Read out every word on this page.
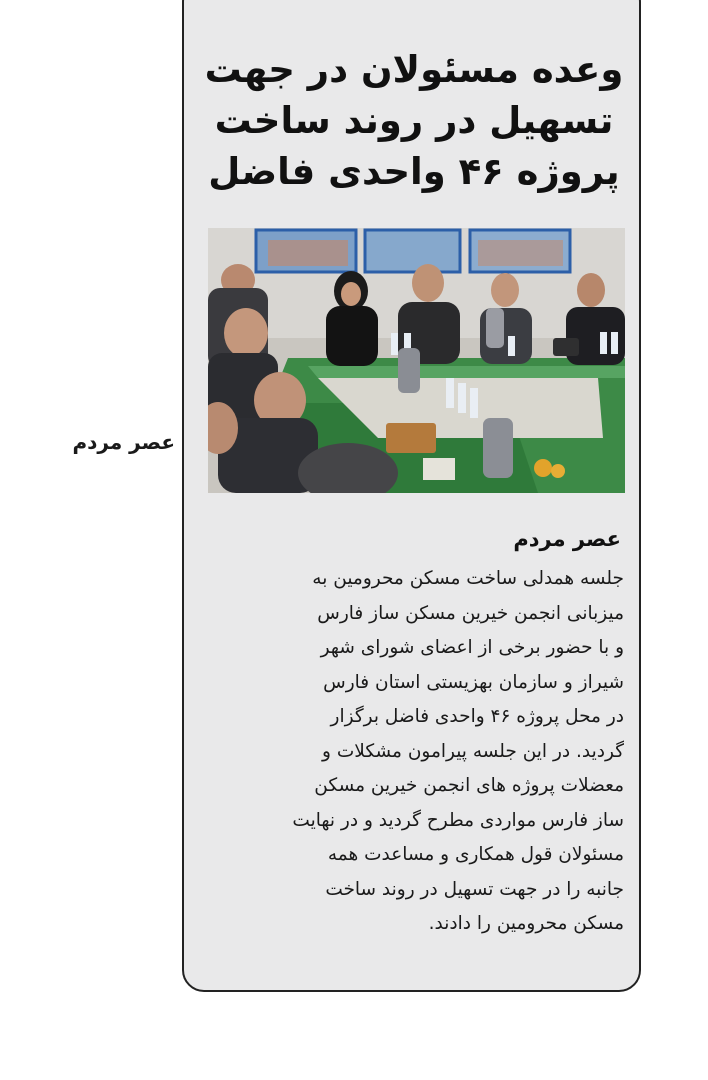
عصر مردم
وعده مسئولان در جهت
تسهیل در روند ساخت
پروژه ۴۶ واحدی فاضل
عصر مردم
جلسه همدلی ساخت مسکن محرومین به
میزبانی انجمن خیرین مسکن ساز فارس
و با حضور برخی از اعضای شورای شهر
شیراز و سازمان بهزیستی استان فارس
در محل پروژه ۴۶ واحدی فاضل برگزار
گردید. در این جلسه پیرامون مشکلات و
معضلات پروژه های انجمن خیرین مسکن
ساز فارس مواردی مطرح گردید و در نهایت
مسئولان قول همکاری و مساعدت همه
جانبه را در جهت تسهیل در روند ساخت
مسکن محرومین را دادند.
